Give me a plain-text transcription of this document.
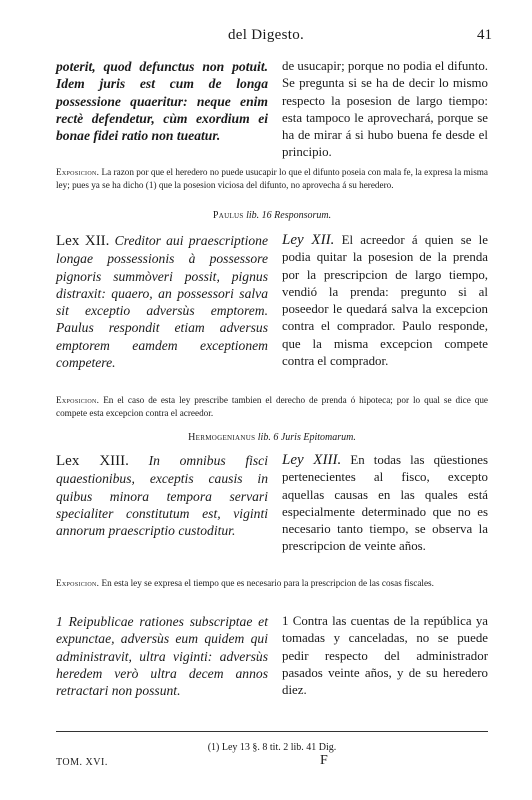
del Digesto.	41

poterit, quod defunctus non potuit. Idem juris est cum de longa possessione quaeritur: neque enim rectè defendetur, cùm exordium ei bonae fidei ratio non tueatur.

de usucapir; porque no podia el difunto. Se pregunta si se ha de decir lo mismo respecto la posesion de largo tiempo: esta tampoco le aprovechará, porque se ha de mirar á si hubo buena fe desde el principio.

Exposicion. La razon por que el heredero no puede usucapir lo que el difunto poseia con mala fe, la expresa la misma ley; pues ya se ha dicho (1) que la posesion viciosa del difunto, no aprovecha á su heredero.
Paulus lib. 16 Responsorum.

Lex XII. Creditor aui praescriptione longae possessionis à possessore pignoris summòveri possit, pignus distraxit: quaero, an possessori salva sit exceptio adversùs emptorem. Paulus respondit etiam adversus emptorem eamdem exceptionem competere.

Ley XII. El acreedor á quien se le podia quitar la posesion de la prenda por la prescripcion de largo tiempo, vendió la prenda: pregunto si al poseedor le quedará salva la excepcion contra el comprador. Paulo responde, que la misma excepcion compete contra el comprador.

Exposicion. En el caso de esta ley prescribe tambien el derecho de prenda ó hipoteca; por lo qual se dice que compete esta excepcion contra el acreedor.
Hermogenianus lib. 6 Juris Epitomarum.

Lex XIII. In omnibus fisci quaestionibus, exceptis causis in quibus minora tempora servari specialiter constitutum est, viginti annorum praescriptio custoditur.

Ley XIII. En todas las qüestiones pertenecientes al fisco, excepto aquellas causas en las quales está especialmente determinado que no es necesario tanto tiempo, se observa la prescripcion de veinte años.

Exposicion. En esta ley se expresa el tiempo que es necesario para la prescripcion de las cosas fiscales.

1 Reipublicae rationes subscriptae et expunctae, adversùs eum quidem qui administravit, ultra viginti: adversùs heredem verò ultra decem annos retractari non possunt.

1 Contra las cuentas de la república ya tomadas y canceladas, no se puede pedir respecto del administrador pasados veinte años, y de su heredero diez.

(1) Ley 13 §. 8 tit. 2 lib. 41 Dig.
TOM. XVI.	F
